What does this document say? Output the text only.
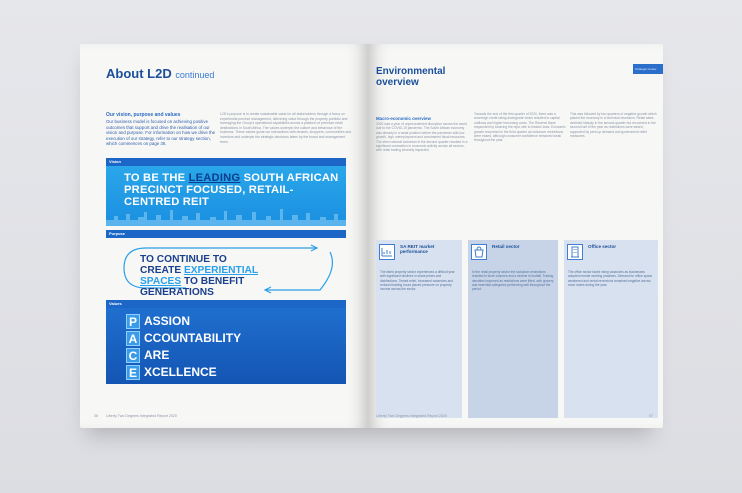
About L2D continued
Our vision, purpose and values
Our business model is focused on achieving positive outcomes that support and drive the realisation of our vision and purpose. For information on how we drive the execution of our strategy, refer to our strategy section, which commences on page 36.
L2D's purpose is to create sustainable value for all stakeholders through a focus on experiential precinct management, delivering value through the property portfolio and leveraging the Group's operational capabilities across a platform of premium retail destinations in South Africa. The values underpin the culture and behaviour of the business. These values guide our interactions with tenants, shoppers, communities and investors and underpin the strategic decisions taken by the board and management team.
Vision
TO BE THE LEADING SOUTH AFRICAN PRECINCT FOCUSED, RETAIL-CENTRED REIT
Purpose
TO CONTINUE TO
CREATE EXPERIENTIAL
SPACES TO BENEFIT
GENERATIONS
Values
P
A
C
E
ASSION
CCOUNTABILITY
ARE
XCELLENCE
06 Liberty Two Degrees Integrated Report 2020
Strategic review
Environmental
overview
Macro-economic overview
2020 was a year of unprecedented disruption across the world due to the COVID-19 pandemic. The South African economy was already in a weak position before the pandemic with low growth, high unemployment and constrained fiscal resources. The strict national lockdown in the second quarter resulted in a significant contraction in economic activity across all sectors, with retail trading severely impacted.
Towards the end of the first quarter of 2020, there was a sovereign credit rating downgrade which resulted in capital outflows and higher borrowing costs. The Reserve Bank responded by lowering the repo rate to historic lows. Economic growth recovered in the third quarter as lockdown restrictions were eased, although consumer confidence remained weak throughout the year.
This was followed by two quarters of negative growth which placed the economy in a technical recession. Retail sales declined sharply in the second quarter but recovered in the second half of the year as restrictions were eased, supported by pent-up demand and government relief measures.
SA REIT market performance
The listed property sector experienced a difficult year with significant declines in share prices and distributions. Tenant relief, increased vacancies and reduced trading hours placed pressure on property income across the sector.
Retail sector
In the retail property sector the lockdown restrictions resulted in store closures and a decline in footfall. Trading densities improved as restrictions were lifted, with grocery and essential categories performing well throughout the period.
Office sector
The office sector faced rising vacancies as businesses adopted remote working practices. Demand for office space weakened and rental reversions remained negative across most nodes during the year.
Liberty Two Degrees Integrated Report 2020	07
